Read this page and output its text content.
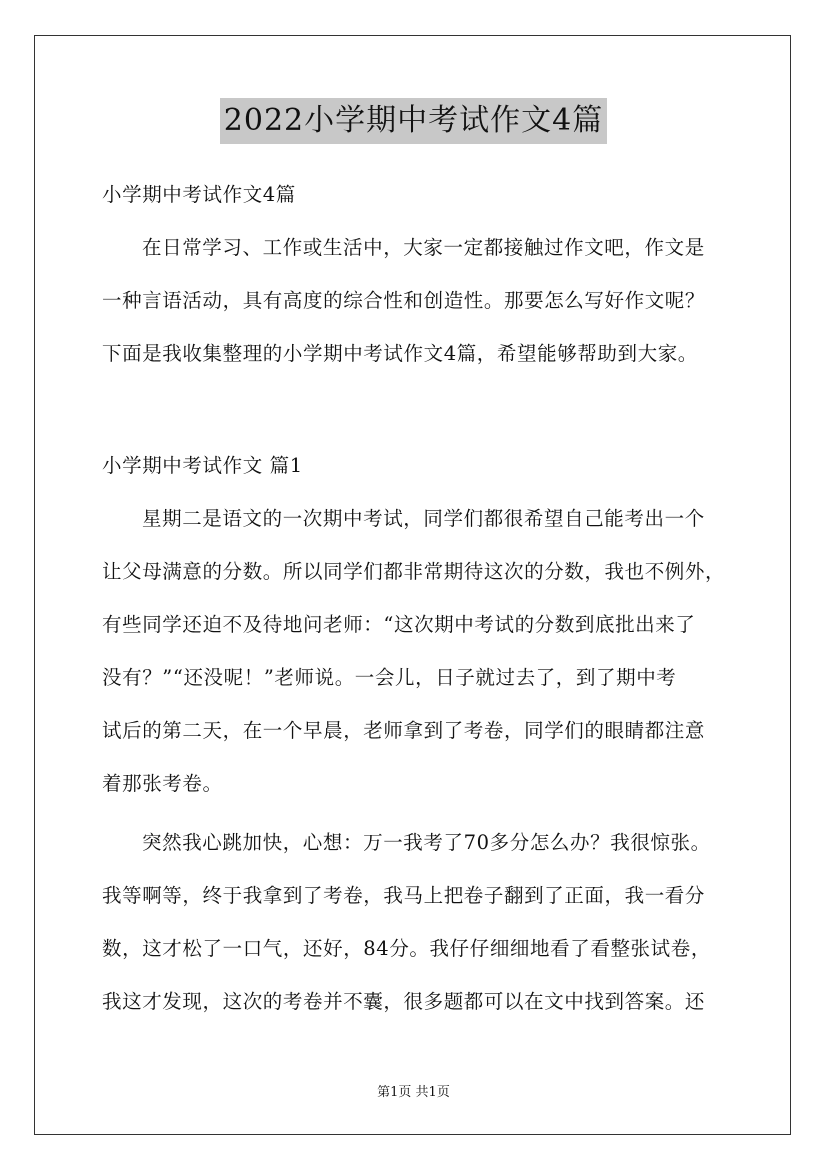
2022小学期中考试作文4篇
小学期中考试作文4篇
在日常学习、工作或生活中，大家一定都接触过作文吧，作文是
一种言语活动，具有高度的综合性和创造性。那要怎么写好作文呢？
下面是我收集整理的小学期中考试作文4篇，希望能够帮助到大家。
小学期中考试作文 篇1
星期二是语文的一次期中考试，同学们都很希望自己能考出一个
让父母满意的分数。所以同学们都非常期待这次的分数，我也不例外，
有些同学还迫不及待地问老师：“这次期中考试的分数到底批出来了
没有？”“还没呢！”老师说。一会儿，日子就过去了，到了期中考
试后的第二天，在一个早晨，老师拿到了考卷，同学们的眼睛都注意
着那张考卷。
突然我心跳加快，心想：万一我考了70多分怎么办？我很惊张。
我等啊等，终于我拿到了考卷，我马上把卷子翻到了正面，我一看分
数，这才松了一口气，还好，84分。我仔仔细细地看了看整张试卷，
我这才发现，这次的考卷并不囊，很多题都可以在文中找到答案。还
第1页 共1页
